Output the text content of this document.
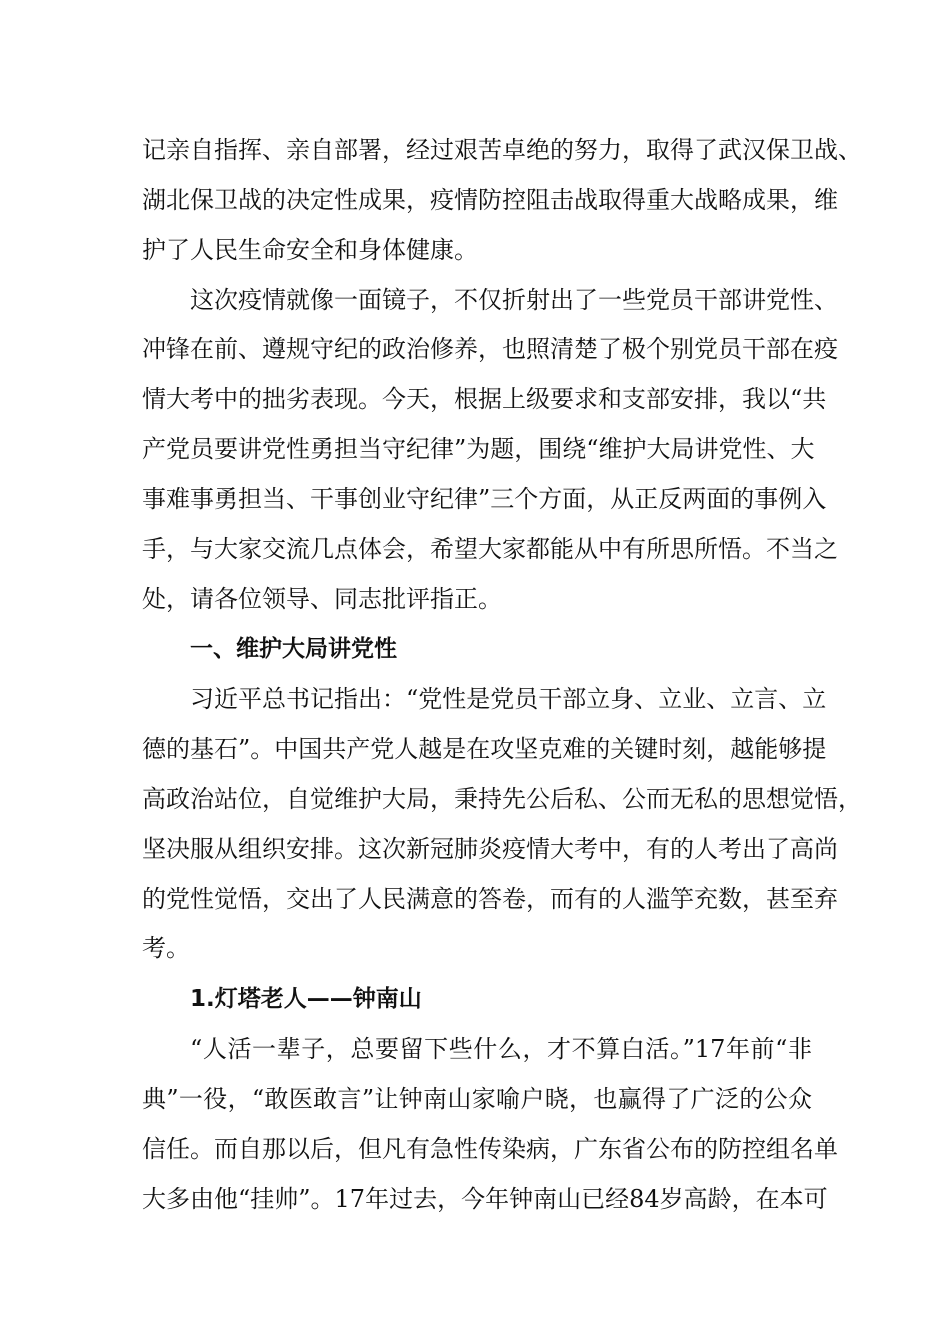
记亲自指挥、亲自部署，经过艰苦卓绝的努力，取得了武汉保卫战、

湖北保卫战的决定性成果，疫情防控阻击战取得重大战略成果，维

护了人民生命安全和身体健康。

这次疫情就像一面镜子，不仅折射出了一些党员干部讲党性、

冲锋在前、遵规守纪的政治修养，也照清楚了极个别党员干部在疫

情大考中的拙劣表现。今天，根据上级要求和支部安排，我以“共

产党员要讲党性勇担当守纪律”为题，围绕“维护大局讲党性、大

事难事勇担当、干事创业守纪律”三个方面，从正反两面的事例入

手，与大家交流几点体会，希望大家都能从中有所思所悟。不当之

处，请各位领导、同志批评指正。

一、维护大局讲党性

习近平总书记指出：“党性是党员干部立身、立业、立言、立

德的基石”。中国共产党人越是在攻坚克难的关键时刻，越能够提

高政治站位，自觉维护大局，秉持先公后私、公而无私的思想觉悟，

坚决服从组织安排。这次新冠肺炎疫情大考中，有的人考出了高尚

的党性觉悟，交出了人民满意的答卷，而有的人滥竽充数，甚至弃

考。

1.灯塔老人——钟南山

“人活一辈子，总要留下些什么，才不算白活。”17年前“非

典”一役，“敢医敢言”让钟南山家喻户晓，也赢得了广泛的公众

信任。而自那以后，但凡有急性传染病，广东省公布的防控组名单

大多由他“挂帅”。17年过去，今年钟南山已经84岁高龄，在本可
